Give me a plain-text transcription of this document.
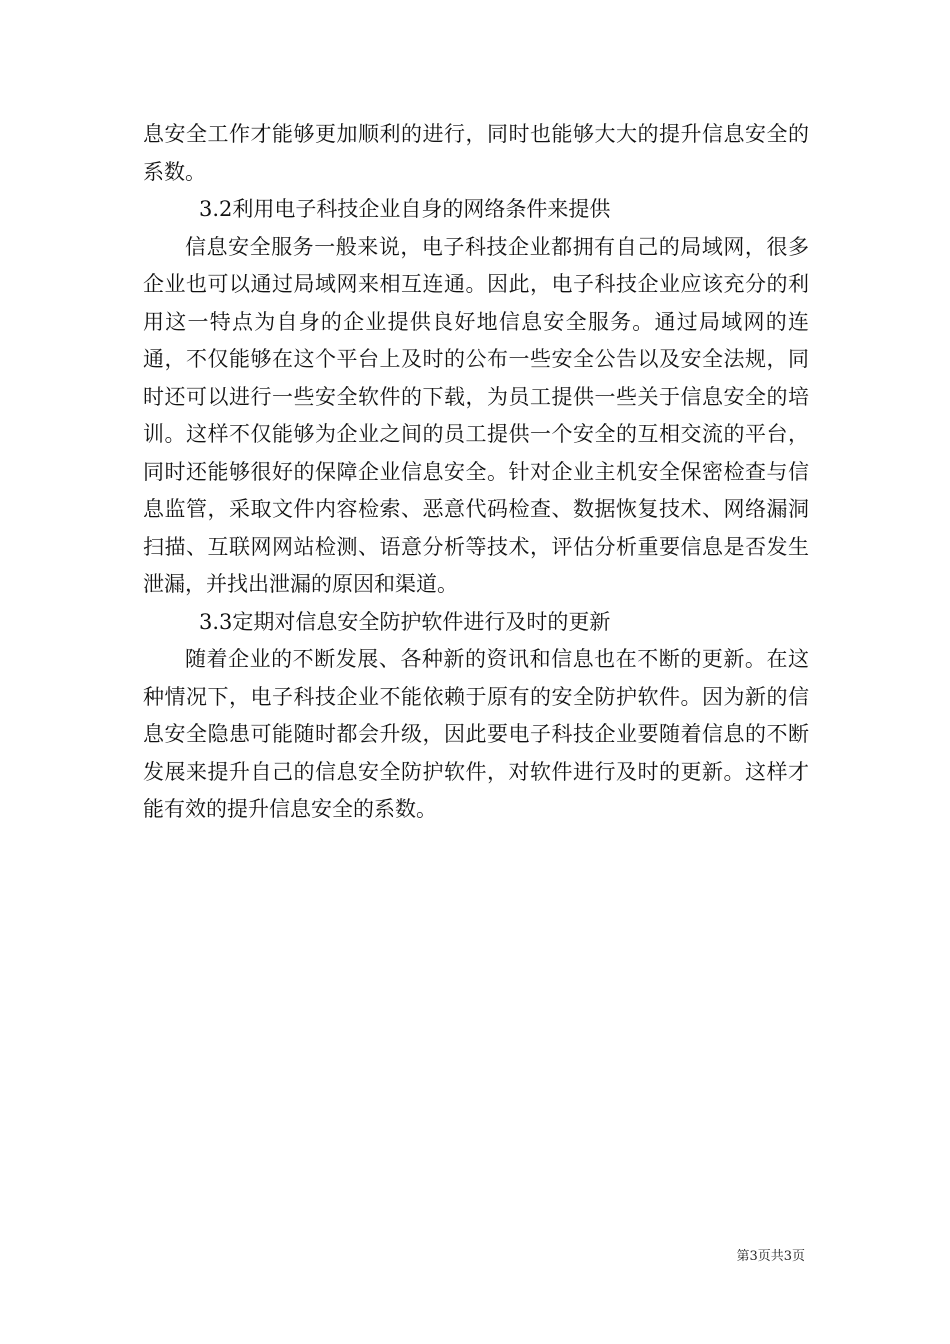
息安全工作才能够更加顺利的进行，同时也能够大大的提升信息安全的系数。

3.2利用电子科技企业自身的网络条件来提供

信息安全服务一般来说，电子科技企业都拥有自己的局域网，很多企业也可以通过局域网来相互连通。因此，电子科技企业应该充分的利用这一特点为自身的企业提供良好地信息安全服务。通过局域网的连通，不仅能够在这个平台上及时的公布一些安全公告以及安全法规，同时还可以进行一些安全软件的下载，为员工提供一些关于信息安全的培训。这样不仅能够为企业之间的员工提供一个安全的互相交流的平台，同时还能够很好的保障企业信息安全。针对企业主机安全保密检查与信息监管，采取文件内容检索、恶意代码检查、数据恢复技术、网络漏洞扫描、互联网网站检测、语意分析等技术，评估分析重要信息是否发生泄漏，并找出泄漏的原因和渠道。

3.3定期对信息安全防护软件进行及时的更新

随着企业的不断发展、各种新的资讯和信息也在不断的更新。在这种情况下，电子科技企业不能依赖于原有的安全防护软件。因为新的信息安全隐患可能随时都会升级，因此要电子科技企业要随着信息的不断发展来提升自己的信息安全防护软件，对软件进行及时的更新。这样才能有效的提升信息安全的系数。

第3页共3页
